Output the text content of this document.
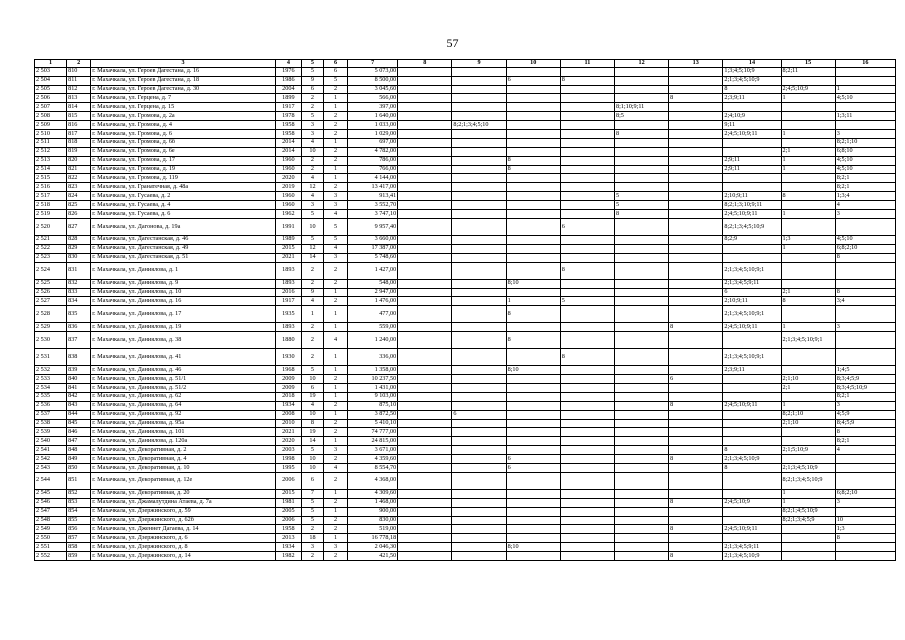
57
1	2	3	4	5	6	7	8	9	10	11	12	13	14	15	16
2 503	810	г. Махачкала, ул. Героев Дагестана, д. 16	1976	5	6	5 073,00							1;3;4;5;10;9	8;2;11	
2 504	811	г. Махачкала, ул. Героев Дагестана, д. 18	1986	9	5	8 500,00			6	8			2;1;3;4;5;10;9		
2 505	812	г. Махачкала, ул. Героев Дагестана, д. 30	2004	6	2	3 045,60							8	2;4;5;10;9	1
2 506	813	г. Махачкала, ул. Герцена, д. 7	1899	2	1	566,00						8	2;3;9;11	1	4;5;10
2 507	814	г. Махачкала, ул. Герцена, д. 15	1917	2	1	397,00					8;1;10;9;11				
2 508	815	г. Махачкала, ул. Громова, д. 2а	1978	5	2	1 640,00					8;5		2;4;10;9		1;3;11
2 509	816	г. Махачкала, ул. Громова, д. 4	1958	3	2	1 033,00		8;2;1;3;4;5;10					9;11		
2 510	817	г. Махачкала, ул. Громова, д. 6	1958	3	2	1 029,00					8		2;4;5;10;9;11	1	3
2 511	818	г. Махачкала, ул. Громова, д. 6б	2014	4	1	697,00									8;2;1;10
2 512	819	г. Махачкала, ул. Громова, д. 6е	2014	10	2	4 782,00								2;1	6;8;10
2 513	820	г. Махачкала, ул. Громова, д. 17	1960	2	2	786,00			8				2;9;11	1	4;5;10
2 514	821	г. Махачкала, ул. Громова, д. 19	1960	2	1	766,00			8				2;9;11	1	4;5;10
2 515	822	г. Махачкала, ул. Громова, д. 119	2020	4	1	4 144,00									8;2;1
2 516	823	г. Махачкала, ул. Гранатечная, д. 48а	2019	12	2	13 417,00									8;2;1
2 517	824	г. Махачкала, ул. Гусаева, д. 2	1960	4	3	913,41					5		2;10;9;11	8	1;3;4
2 518	825	г. Махачкала, ул. Гусаева, д. 4	1960	3	3	3 552,70					5		8;2;1;3;10;9;11		4
2 519	826	г. Махачкала, ул. Гусаева, д. 6	1962	5	4	3 747,10					8		2;4;5;10;9;11	1	3
2 520	827	г. Махачкала, ул. Дагонова, д. 19а	1991	10	5	9 957,40				6			8;2;1;3;4;5;10;9		
2 521	828	г. Махачкала, ул. Дагестанская, д. 46	1989	5	5	3 660,00							8;2;9	1;3	4;5;10
2 522	829	г. Махачкала, ул. Дагестанская, д. 49	2015	12	4	17 387,00								1	6;8;2;10
2 523	830	г. Махачкала, ул. Дагестанская, д. 51	2021	14	3	5 748,60									8
2 524	831	г. Махачкала, ул. Даниялова, д. 1	1893	2	2	1 427,00				8			2;1;3;4;5;10;9;1		
2 525	832	г. Махачкала, ул. Даниялова, д. 9	1893	2	2	548,00			8;10				2;1;3;4;5;9;11		
2 526	833	г. Махачкала, ул. Даниялова, д. 10	2016	9	1	2 947,00							6	2;1	8
2 527	834	г. Махачкала, ул. Даниялова, д. 16	1917	4	2	1 476,00			1	5			2;10;9;11	8	3;4
2 528	835	г. Махачкала, ул. Даниялова, д. 17	1935	1	1	477,00			8				2;1;3;4;5;10;9;1		
2 529	836	г. Махачкала, ул. Даниялова, д. 19	1893	2	1	559,00						8	2;4;5;10;9;11	1	3
2 530	837	г. Махачкала, ул. Даниялова, д. 38	1880	2	4	1 240,00			8					2;1;3;4;5;10;9;1	
2 531	838	г. Махачкала, ул. Даниялова, д. 41	1930	2	1	336,00				8			2;1;3;4;5;10;9;1		
2 532	839	г. Махачкала, ул. Даниялова, д. 46	1968	5	1	1 358,00			8;10				2;3;9;11		1;4;5
2 533	840	г. Махачкала, ул. Даниялова, д. 51/1	2009	10	2	10 237,50						6		2;1;10	8;3;4;5;9
2 534	841	г. Махачкала, ул. Даниялова, д. 51/2	2009	6	1	1 431,00								2;1	8;3;4;5;10;9
2 535	842	г. Махачкала, ул. Даниялова, д. 62	2018	19	1	9 103,00									8;2;1
2 536	843	г. Махачкала, ул. Даниялова, д. 64	1934	4	2	875,10						8	2;4;5;10;9;11	1	3
2 537	844	г. Махачкала, ул. Даниялова, д. 92	2008	10	1	3 872,50		6						8;2;1;10	4;5;9
2 538	845	г. Махачкала, ул. Даниялова, д. 95а	2010	8	2	5 410,10								2;1;10	8;4;5;9
2 539	846	г. Махачкала, ул. Даниялова, д. 101	2021	19	2	74 777,00									8
2 540	847	г. Махачкала, ул. Даниялова, д. 120а	2020	14	1	24 815,00									8;2;1
2 541	848	г. Махачкала, ул. Декоративная, д. 2	2003	5	3	3 671,00							8	2;1;5;10;9	4
2 542	849	г. Махачкала, ул. Декоративная, д. 4	1998	10	2	4 359,60			6			8	2;1;3;4;5;10;9		
2 543	850	г. Махачкала, ул. Декоративная, д. 10	1995	10	4	8 554,70			6				8	2;1;3;4;5;10;9	
2 544	851	г. Махачкала, ул. Декоративная, д. 12е	2006	6	2	4 368,00								8;2;1;3;4;5;10;9	
2 545	852	г. Махачкала, ул. Декоративная, д. 20	2015	7	1	4 309,60								1	6;8;2;10
2 546	853	г. Махачкала, ул. Джамалутдина Атаева, д. 7а	1981	5	2	1 468,00						8	2;4;5;10;9	1	3
2 547	854	г. Махачкала, ул. Дзержинского, д. 59	2005	5	1	900,00								8;2;1;4;5;10;9	
2 548	855	г. Махачкала, ул. Дзержинского, д. 62б	2006	5	2	830,00								8;2;1;3;4;5;9	10
2 549	856	г. Махачкала, ул. Дженнет Дагаева, д. 14	1958	2	2	519,00						8	2;4;5;10;9;11		1;3
2 550	857	г. Махачкала, ул. Дзержинского, д. 6	2013	18	1	16 778,18									8
2 551	858	г. Махачкала, ул. Дзержинского, д. 8	1934	3	3	2 046,30			8;10				2;1;3;4;5;9;11		
2 552	859	г. Махачкала, ул. Дзержинского, д. 14	1982	2	2	421,50						8	2;1;3;4;5;10;9		
